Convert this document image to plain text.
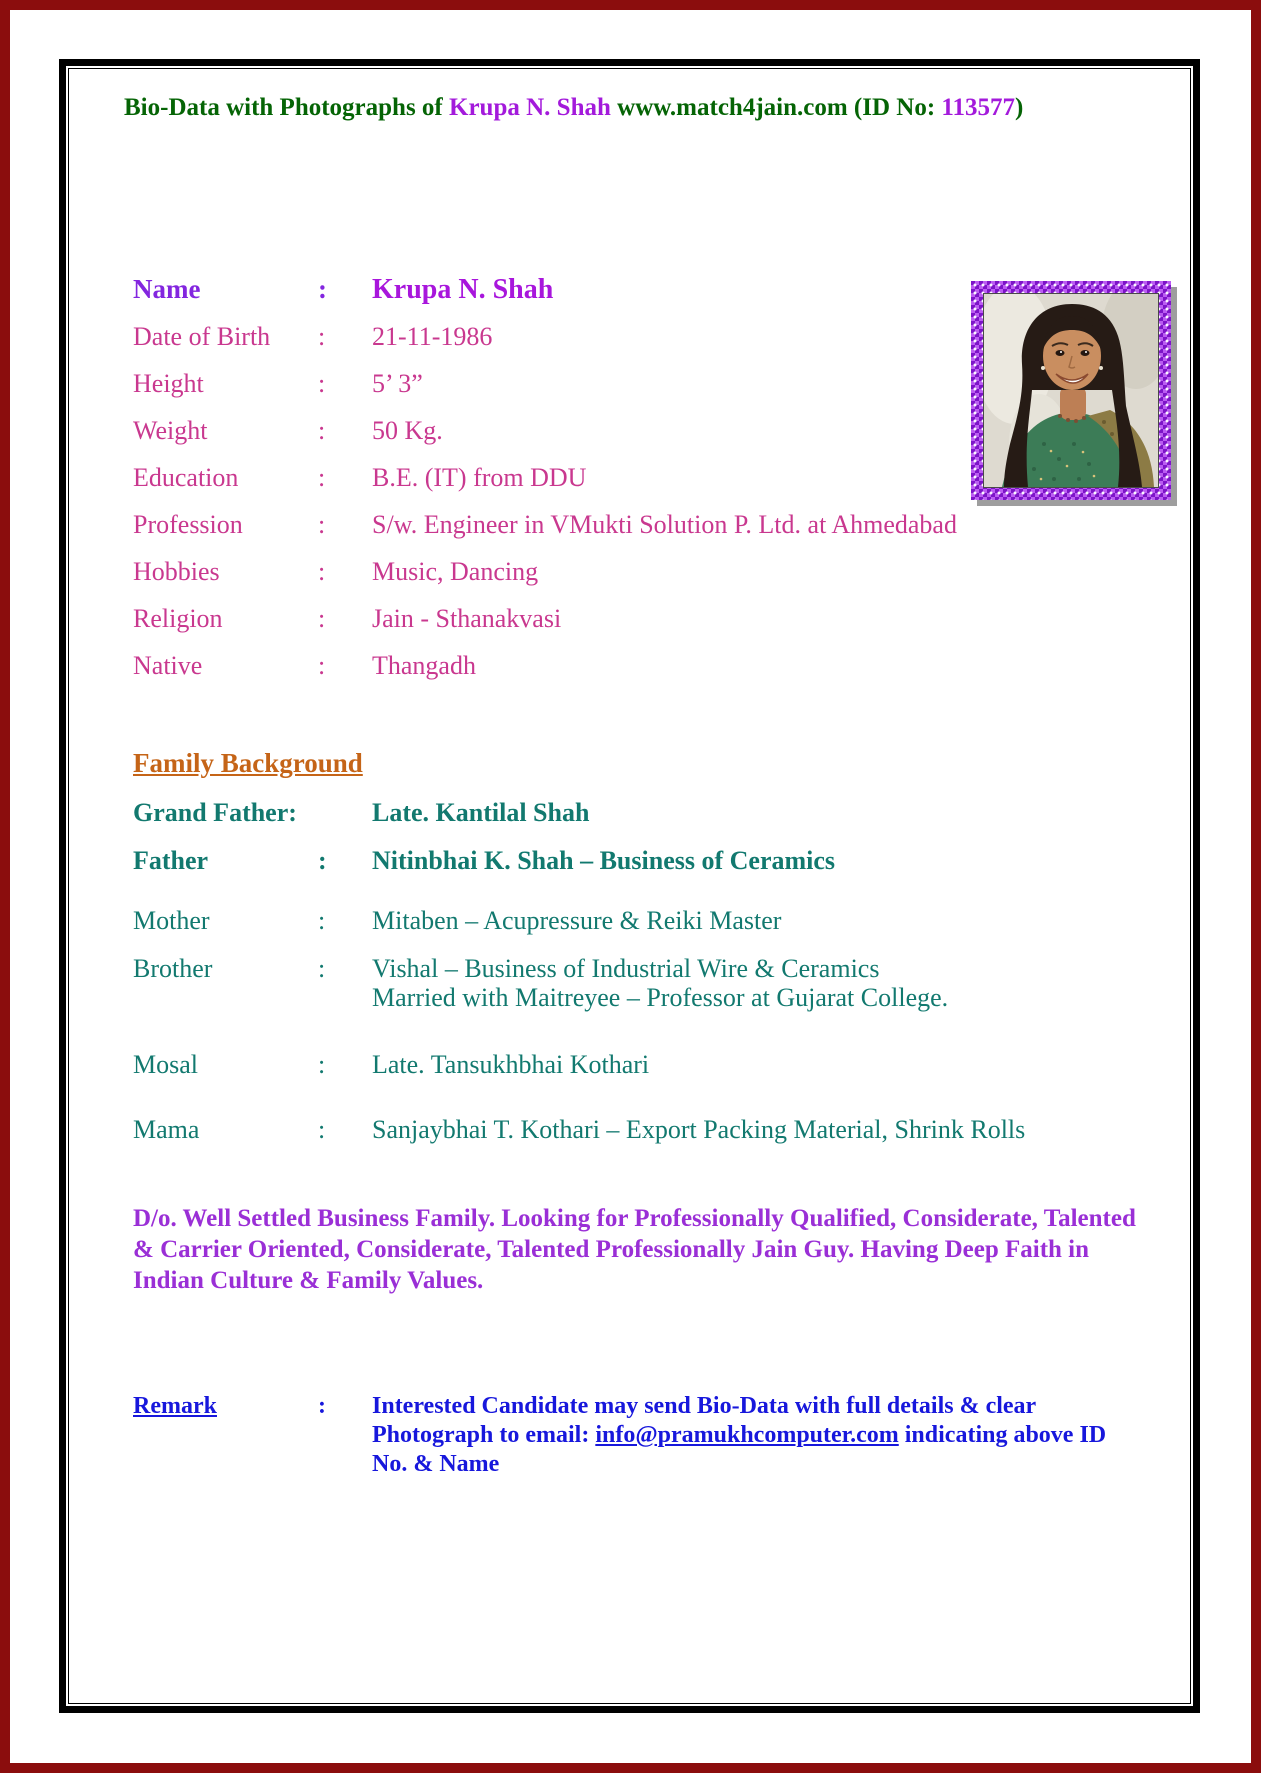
Bio-Data with Photographs of Krupa N. Shah www.match4jain.com (ID No: 113577)
Name	: Krupa N. Shah
Date of Birth : 21-11-1986
Height	: 5’ 3”
Weight	: 50 Kg.
Education	: B.E. (IT) from DDU
Profession	: S/w. Engineer in VMukti Solution P. Ltd. at Ahmedabad
Hobbies	: Music, Dancing
Religion	: Jain - Sthanakvasi
Native	: Thangadh
Family Background
Grand Father:	Late. Kantilal Shah
Father	: Nitinbhai K. Shah – Business of Ceramics
Mother	: Mitaben – Acupressure & Reiki Master
Brother	: Vishal – Business of Industrial Wire & Ceramics
Married with Maitreyee – Professor at Gujarat College.
Mosal	: Late. Tansukhbhai Kothari
Mama	: Sanjaybhai T. Kothari – Export Packing Material, Shrink Rolls
D/o. Well Settled Business Family. Looking for Professionally Qualified, Considerate, Talented & Carrier Oriented, Considerate, Talented Professionally Jain Guy. Having Deep Faith in Indian Culture & Family Values.
Remark	: Interested Candidate may send Bio-Data with full details & clear Photograph to email: info@pramukhcomputer.com indicating above ID No. & Name
